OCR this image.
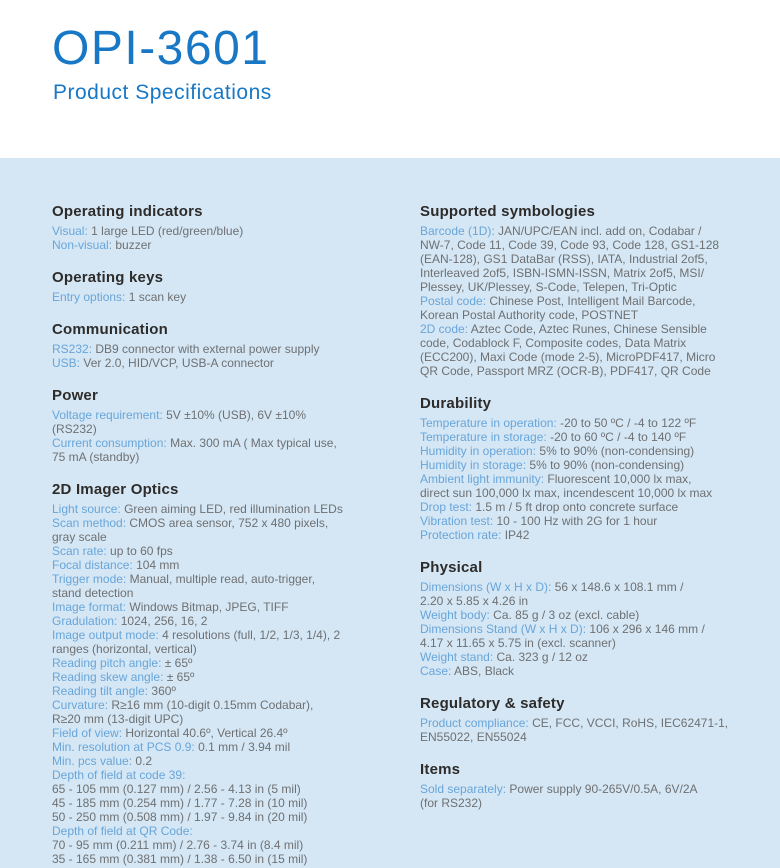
OPI-3601
Product Specifications
Operating indicators

Visual: 1 large LED (red/green/blue)

Non-visual: buzzer

Operating keys

Entry options: 1 scan key

Communication

RS232: DB9 connector with external power supply

USB: Ver 2.0, HID/VCP, USB-A connector

Power

Voltage requirement: 5V ±10% (USB), 6V ±10%

(RS232)

Current consumption: Max. 300 mA ( Max typical use,

75 mA (standby)

2D Imager Optics

Light source: Green aiming LED, red illumination LEDs

Scan method: CMOS area sensor, 752 x 480 pixels,

gray scale

Scan rate: up to 60 fps

Focal distance: 104 mm

Trigger mode: Manual, multiple read, auto-trigger,

stand detection

Image format: Windows Bitmap, JPEG, TIFF

Gradulation: 1024, 256, 16, 2

Image output mode: 4 resolutions (full, 1/2, 1/3, 1/4), 2

ranges (horizontal, vertical)

Reading pitch angle: ± 65º

Reading skew angle: ± 65º

Reading tilt angle: 360º

Curvature: R≥16 mm (10-digit 0.15mm Codabar),

R≥20 mm (13-digit UPC)

Field of view: Horizontal 40.6º, Vertical 26.4º

Min. resolution at PCS 0.9: 0.1 mm / 3.94 mil

Min. pcs value: 0.2

Depth of field at code 39:

65 - 105 mm (0.127 mm) / 2.56 - 4.13 in (5 mil)

45 - 185 mm (0.254 mm) / 1.77 - 7.28 in (10 mil)

50 - 250 mm (0.508 mm) / 1.97 - 9.84 in (20 mil)

Depth of field at QR Code:

70 - 95 mm (0.211 mm) / 2.76 - 3.74 in (8.4 mil)

35 - 165 mm (0.381 mm) / 1.38 - 6.50 in (15 mil)

Supported symbologies

Barcode (1D): JAN/UPC/EAN incl. add on, Codabar /

NW-7, Code 11, Code 39, Code 93, Code 128, GS1-128

(EAN-128), GS1 DataBar (RSS), IATA, Industrial 2of5,

Interleaved 2of5, ISBN-ISMN-ISSN, Matrix 2of5, MSI/

Plessey, UK/Plessey, S-Code, Telepen, Tri-Optic

Postal code: Chinese Post, Intelligent Mail Barcode,

Korean Postal Authority code, POSTNET

2D code: Aztec Code, Aztec Runes, Chinese Sensible

code, Codablock F, Composite codes, Data Matrix

(ECC200), Maxi Code (mode 2-5), MicroPDF417, Micro

QR Code, Passport MRZ (OCR-B), PDF417, QR Code

Durability

Temperature in operation: -20 to 50 ºC / -4 to 122 ºF

Temperature in storage: -20 to 60 ºC / -4 to 140 ºF

Humidity in operation: 5% to 90% (non-condensing)

Humidity in storage: 5% to 90% (non-condensing)

Ambient light immunity: Fluorescent 10,000 lx max,

direct sun 100,000 lx max, incendescent 10,000 lx max

Drop test: 1.5 m / 5 ft drop onto concrete surface

Vibration test: 10 - 100 Hz with 2G for 1 hour

Protection rate: IP42

Physical

Dimensions (W x H x D): 56 x 148.6 x 108.1 mm /

2.20 x 5.85 x 4.26 in

Weight body: Ca. 85 g / 3 oz (excl. cable)

Dimensions Stand (W x H x D): 106 x 296 x 146 mm /

4.17 x 11.65 x 5.75 in (excl. scanner)

Weight stand: Ca. 323 g / 12 oz

Case: ABS, Black

Regulatory & safety

Product compliance: CE, FCC, VCCI, RoHS, IEC62471-1,

EN55022, EN55024

Items

Sold separately: Power supply 90-265V/0.5A, 6V/2A

(for RS232)
